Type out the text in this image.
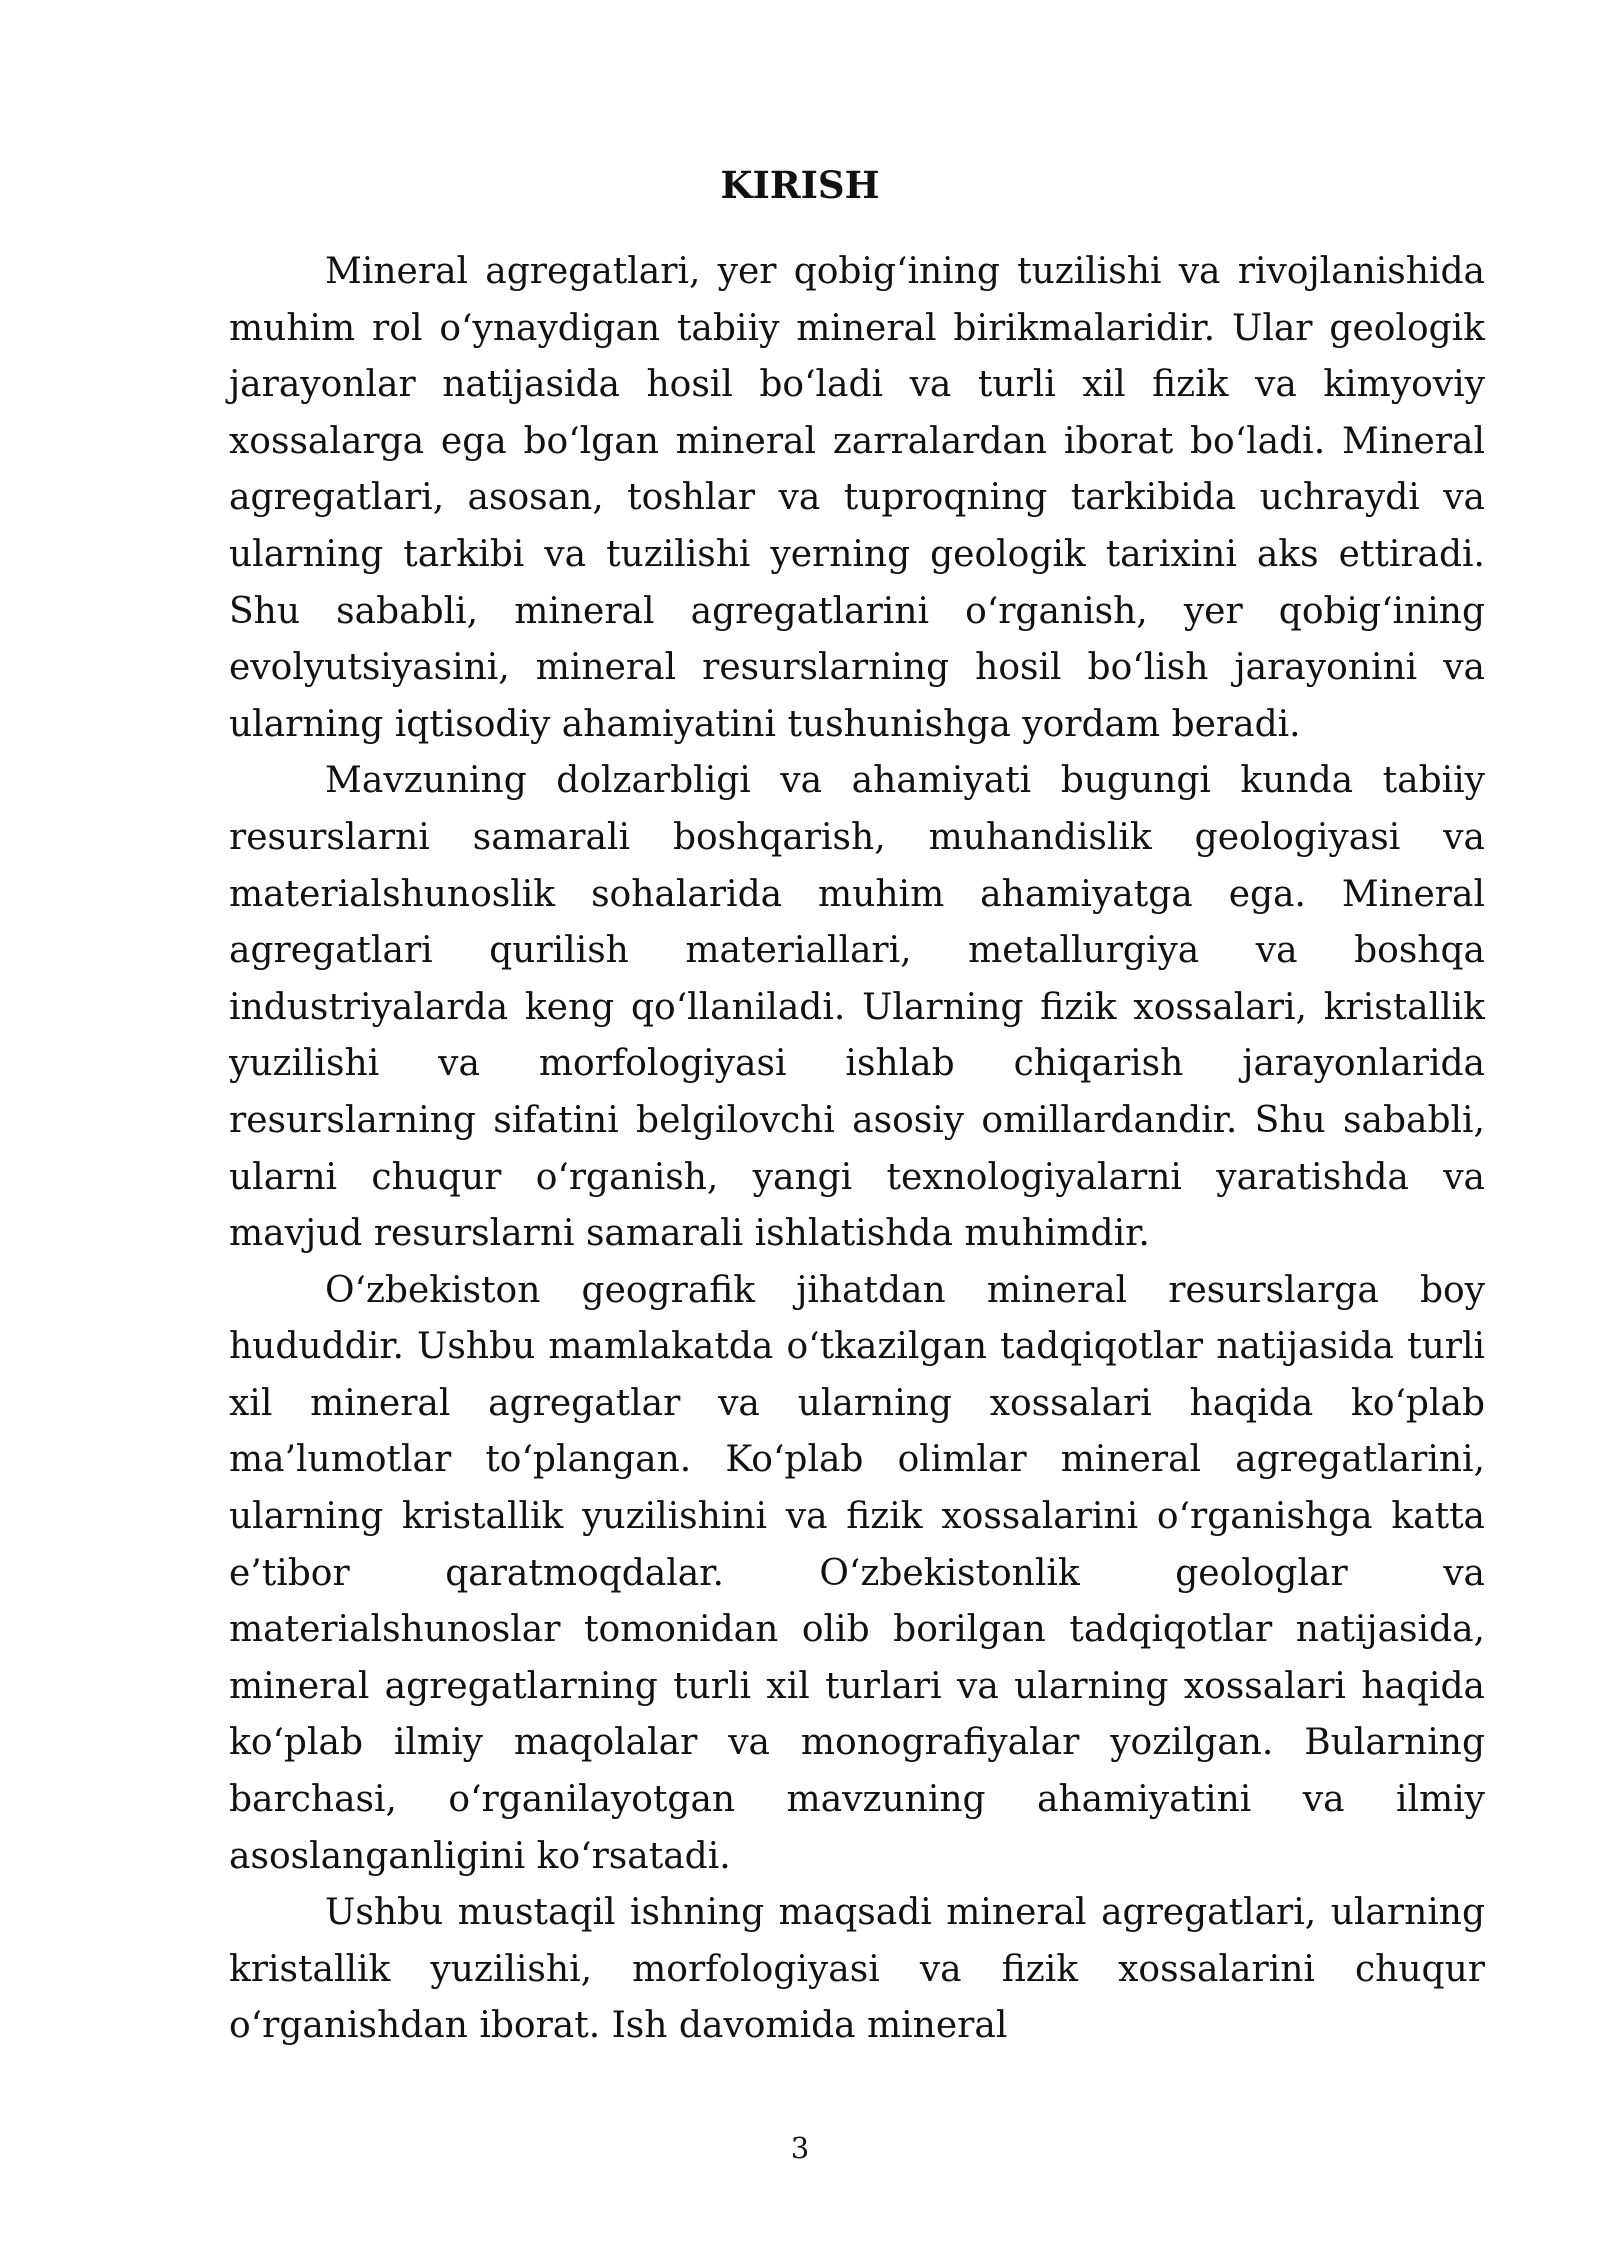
KIRISH

Mineral agregatlari, yer qobig‘ining tuzilishi va rivojlanishida muhim rol o‘ynaydigan tabiiy mineral birikmalaridir. Ular geologik jarayonlar natijasida hosil bo‘ladi va turli xil fizik va kimyoviy xossalarga ega bo‘lgan mineral zarralardan iborat bo‘ladi. Mineral agregatlari, asosan, toshlar va tuproqning tarkibida uchraydi va ularning tarkibi va tuzilishi yerning geologik tarixini aks ettiradi. Shu sababli, mineral agregatlarini o‘rganish, yer qobig‘ining evolyutsiyasini, mineral resurslarning hosil bo‘lish jarayonini va ularning iqtisodiy ahamiyatini tushunishga yordam beradi.

Mavzuning dolzarbligi va ahamiyati bugungi kunda tabiiy resurslarni samarali boshqarish, muhandislik geologiyasi va materialshunoslik sohalarida muhim ahamiyatga ega. Mineral agregatlari qurilish materiallari, metallurgiya va boshqa industriyalarda keng qo‘llaniladi. Ularning fizik xossalari, kristallik yuzilishi va morfologiyasi ishlab chiqarish jarayonlarida resurslarning sifatini belgilovchi asosiy omillardandir. Shu sababli, ularni chuqur o‘rganish, yangi texnologiyalarni yaratishda va mavjud resurslarni samarali ishlatishda muhimdir.

O‘zbekiston geografik jihatdan mineral resurslarga boy hududdir. Ushbu mamlakatda o‘tkazilgan tadqiqotlar natijasida turli xil mineral agregatlar va ularning xossalari haqida ko‘plab ma’lumotlar to‘plangan. Ko‘plab olimlar mineral agregatlarini, ularning kristallik yuzilishini va fizik xossalarini o‘rganishga katta e’tibor qaratmoqdalar. O‘zbekistonlik geologlar va materialshunoslar tomonidan olib borilgan tadqiqotlar natijasida, mineral agregatlarning turli xil turlari va ularning xossalari haqida ko‘plab ilmiy maqolalar va monografiyalar yozilgan. Bularning barchasi, o‘rganilayotgan mavzuning ahamiyatini va ilmiy asoslanganligini ko‘rsatadi.

Ushbu mustaqil ishning maqsadi mineral agregatlari, ularning kristallik yuzilishi, morfologiyasi va fizik xossalarini chuqur o‘rganishdan iborat. Ish davomida mineral

3
